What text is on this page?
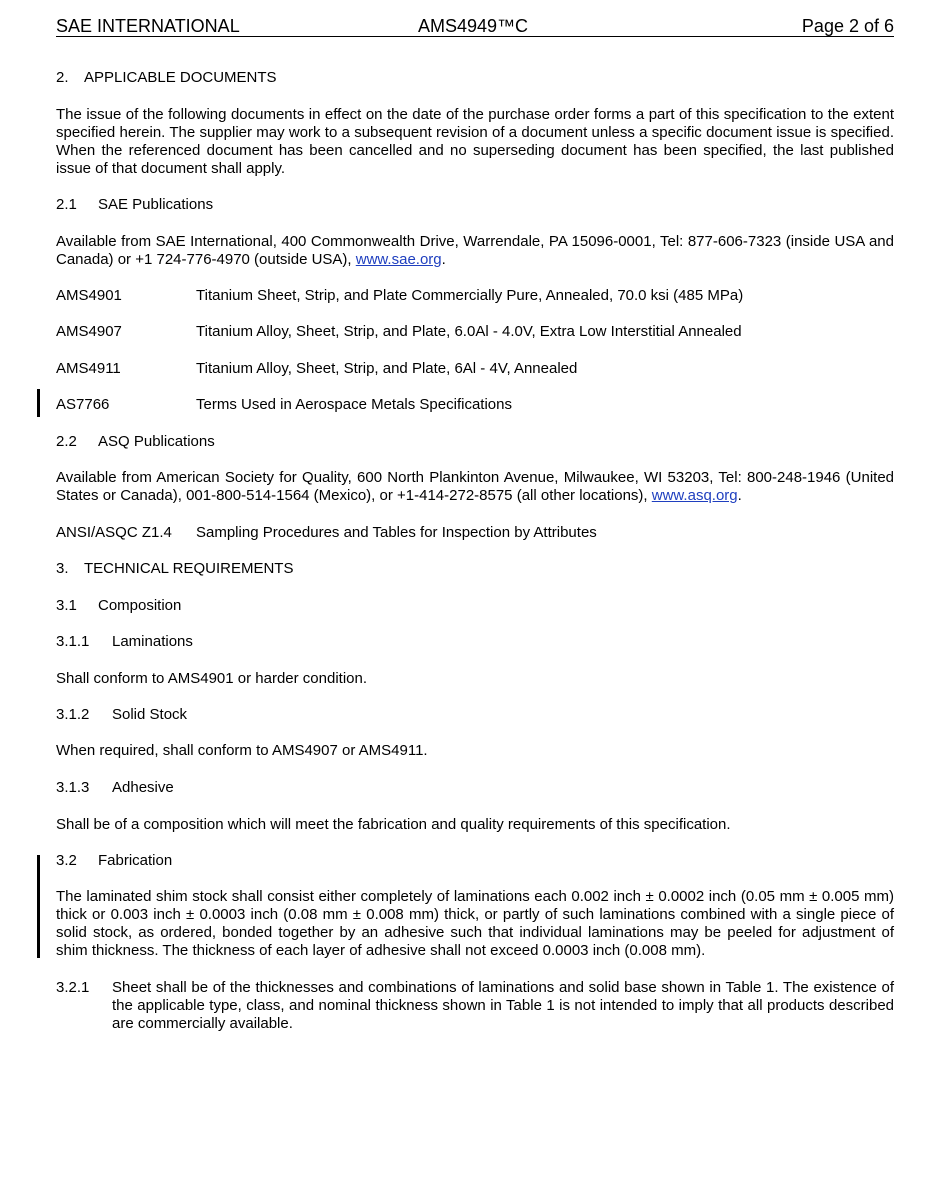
SAE INTERNATIONAL	AMS4949™C	Page 2 of 6
2. APPLICABLE DOCUMENTS
The issue of the following documents in effect on the date of the purchase order forms a part of this specification to the extent specified herein. The supplier may work to a subsequent revision of a document unless a specific document issue is specified. When the referenced document has been cancelled and no superseding document has been specified, the last published issue of that document shall apply.
2.1 SAE Publications
Available from SAE International, 400 Commonwealth Drive, Warrendale, PA 15096-0001, Tel: 877-606-7323 (inside USA and Canada) or +1 724-776-4970 (outside USA), www.sae.org.
AMS4901	Titanium Sheet, Strip, and Plate Commercially Pure, Annealed, 70.0 ksi (485 MPa)
AMS4907	Titanium Alloy, Sheet, Strip, and Plate, 6.0Al - 4.0V, Extra Low Interstitial Annealed
AMS4911	Titanium Alloy, Sheet, Strip, and Plate, 6Al - 4V, Annealed
AS7766	Terms Used in Aerospace Metals Specifications
2.2 ASQ Publications
Available from American Society for Quality, 600 North Plankinton Avenue, Milwaukee, WI 53203, Tel: 800-248-1946 (United States or Canada), 001-800-514-1564 (Mexico), or +1-414-272-8575 (all other locations), www.asq.org.
ANSI/ASQC Z1.4 Sampling Procedures and Tables for Inspection by Attributes
3. TECHNICAL REQUIREMENTS
3.1 Composition
3.1.1 Laminations
Shall conform to AMS4901 or harder condition.
3.1.2 Solid Stock
When required, shall conform to AMS4907 or AMS4911.
3.1.3 Adhesive
Shall be of a composition which will meet the fabrication and quality requirements of this specification.
3.2 Fabrication
The laminated shim stock shall consist either completely of laminations each 0.002 inch ± 0.0002 inch (0.05 mm ± 0.005 mm) thick or 0.003 inch ± 0.0003 inch (0.08 mm ± 0.008 mm) thick, or partly of such laminations combined with a single piece of solid stock, as ordered, bonded together by an adhesive such that individual laminations may be peeled for adjustment of shim thickness. The thickness of each layer of adhesive shall not exceed 0.0003 inch (0.008 mm).
3.2.1 Sheet shall be of the thicknesses and combinations of laminations and solid base shown in Table 1. The existence of the applicable type, class, and nominal thickness shown in Table 1 is not intended to imply that all products described are commercially available.
